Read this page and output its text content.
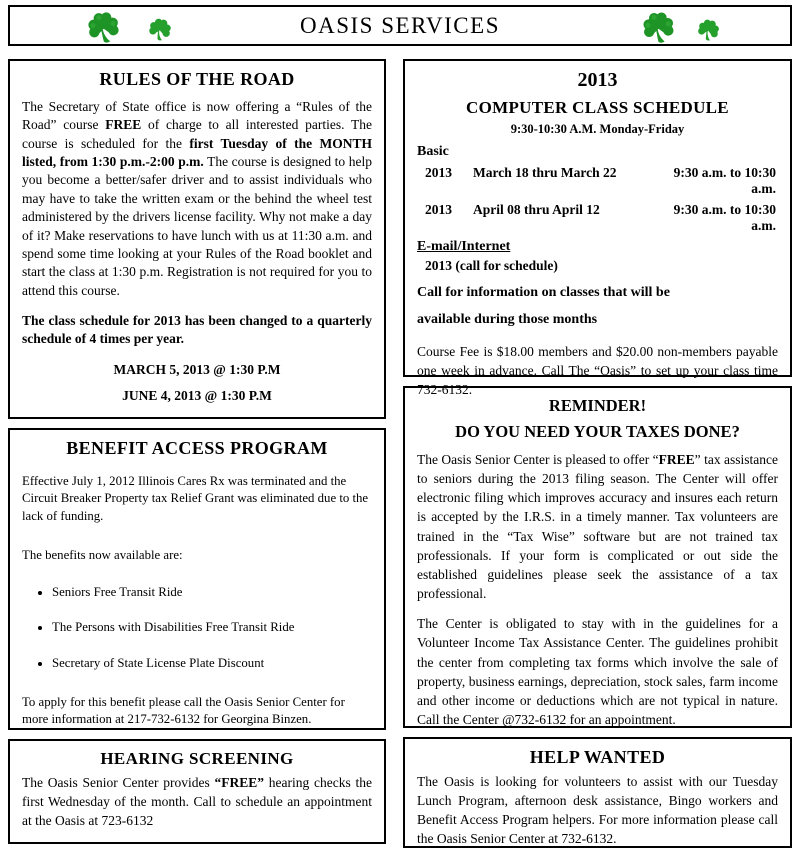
OASIS SERVICES
RULES OF THE ROAD

The Secretary of State office is now offering a “Rules of the Road” course FREE of charge to all interested parties. The course is scheduled for the first Tuesday of the MONTH listed, from 1:30 p.m.-2:00 p.m. The course is designed to help you become a better/safer driver and to assist individuals who may have to take the written exam or the behind the wheel test administered by the drivers license facility. Why not make a day of it? Make reservations to have lunch with us at 11:30 a.m. and spend some time looking at your Rules of the Road booklet and start the class at 1:30 p.m. Registration is not required for you to attend this course.

The class schedule for 2013 has been changed to a quarterly schedule of 4 times per year.

MARCH 5, 2013 @ 1:30 P.M

JUNE 4, 2013 @ 1:30 P.M

BENEFIT ACCESS PROGRAM

Effective July 1, 2012 Illinois Cares Rx was terminated and the Circuit Breaker Property tax Relief Grant was eliminated due to the lack of funding.

The benefits now available are:

• Seniors Free Transit Ride
• The Persons with Disabilities Free Transit Ride
• Secretary of State License Plate Discount

To apply for this benefit please call the Oasis Senior Center for more information at 217-732-6132 for Georgina Binzen.

HEARING SCREENING

The Oasis Senior Center provides “FREE” hearing checks the first Wednesday of the month. Call to schedule an appointment at the Oasis at 723-6132

2013
COMPUTER CLASS SCHEDULE
9:30-10:30 A.M. Monday-Friday
Basic
2013	March 18 thru March 22	9:30 a.m. to 10:30 a.m.
2013	April 08 thru April 12	9:30 a.m. to 10:30 a.m.
E-mail/Internet
2013 (call for schedule)
Call for information on classes that will be
available during those months

Course Fee is $18.00 members and $20.00 non-members payable one week in advance. Call The “Oasis” to set up your class time 732-6132.

REMINDER!
DO YOU NEED YOUR TAXES DONE?

The Oasis Senior Center is pleased to offer “FREE” tax assistance to seniors during the 2013 filing season. The Center will offer electronic filing which improves accuracy and insures each return is accepted by the I.R.S. in a timely manner. Tax volunteers are trained in the “Tax Wise” software but are not trained tax professionals. If your form is complicated or out side the established guidelines please seek the assistance of a tax professional.

The Center is obligated to stay with in the guidelines for a Volunteer Income Tax Assistance Center. The guidelines prohibit the center from completing tax forms which involve the sale of property, business earnings, depreciation, stock sales, farm income and other income or deductions which are not typical in nature. Call the Center @732-6132 for an appointment.

HELP WANTED

The Oasis is looking for volunteers to assist with our Tuesday Lunch Program, afternoon desk assistance, Bingo workers and Benefit Access Program helpers. For more information please call the Oasis Senior Center at 732-6132.
